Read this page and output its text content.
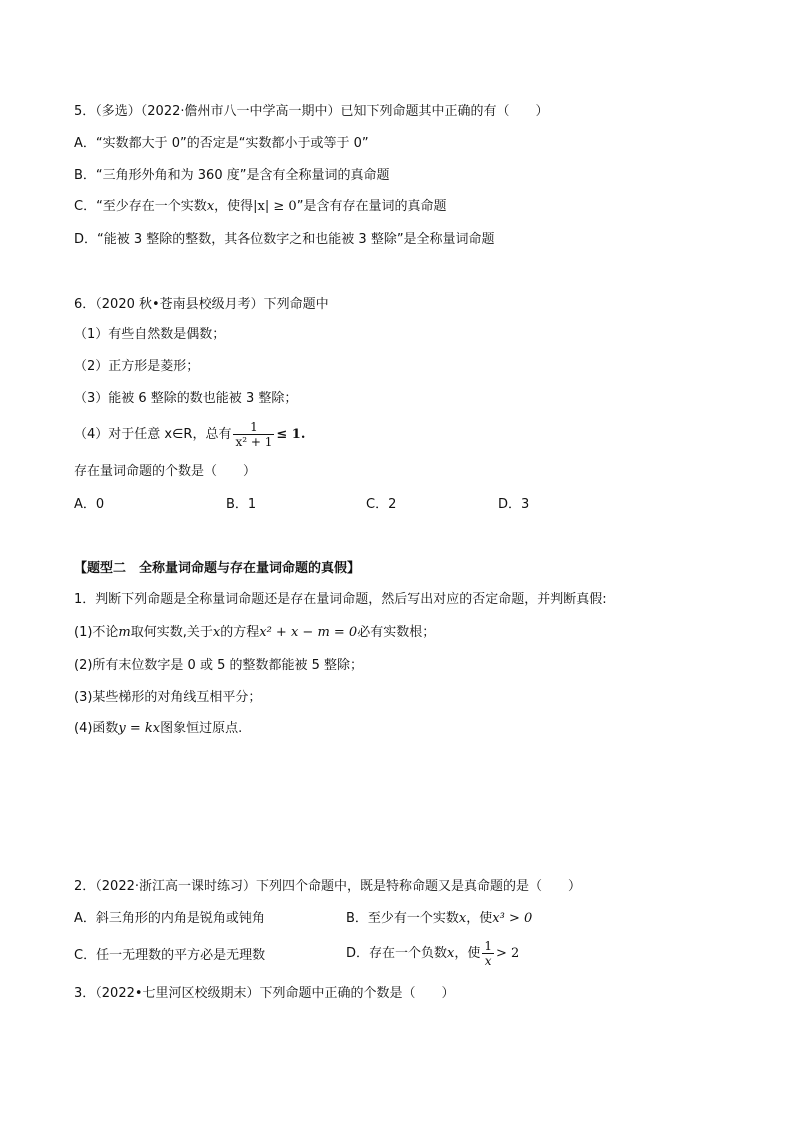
5．（多选）（2022·儋州市八一中学高一期中）已知下列命题其中正确的有（　　）
A．“实数都大于 0”的否定是“实数都小于或等于 0”
B．“三角形外角和为 360 度”是含有全称量词的真命题
C．“至少存在一个实数x，使得|x| ≥ 0”是含有存在量词的真命题
D．“能被 3 整除的整数，其各位数字之和也能被 3 整除”是全称量词命题
6．（2020 秋•苍南县校级月考）下列命题中
（1）有些自然数是偶数；
（2）正方形是菱形；
（3）能被 6 整除的数也能被 3 整除；
（4）对于任意 x∈R，总有 $\frac{1}{\text{x² + 1}} \le 1$.
存在量词命题的个数是（　　）
A．0	B．1	C．2	D．3
【题型二　全称量词命题与存在量词命题的真假】
1．判断下列命题是全称量词命题还是存在量词命题，然后写出对应的否定命题，并判断真假:
(1)不论m取何实数,关于x的方程x² + x − m = 0必有实数根；
(2)所有末位数字是 0 或 5 的整数都能被 5 整除；
(3)某些梯形的对角线互相平分；
(4)函数y = kx图象恒过原点.
2．（2022·浙江高一课时练习）下列四个命题中，既是特称命题又是真命题的是（　　）
A．斜三角形的内角是锐角或钝角	B．至少有一个实数x，使x³ > 0
C．任一无理数的平方必是无理数	D．存在一个负数x，使 $\frac{1}{x} > 2$
3．（2022•七里河区校级期末）下列命题中正确的个数是（　　）
